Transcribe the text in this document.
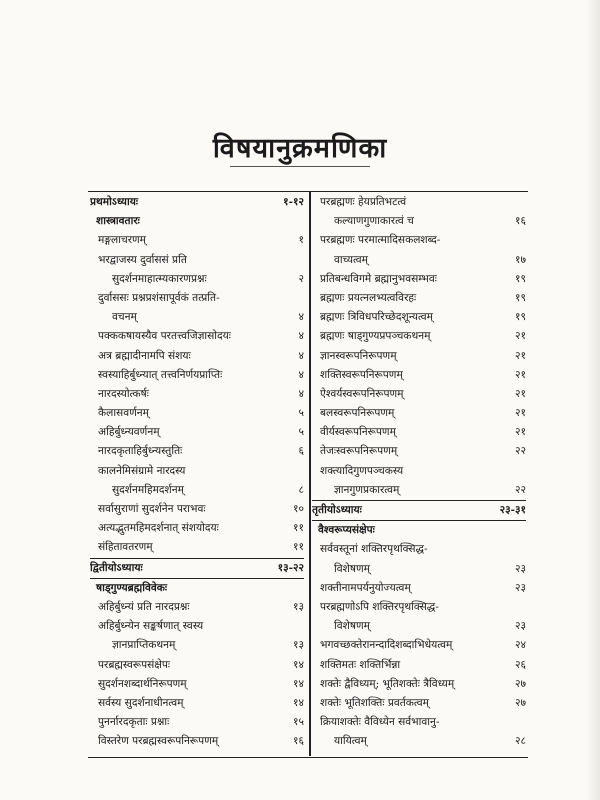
विषयानुक्रमणिका
प्रथमोऽध्यायः	१-१२
शास्त्रावतारः
मङ्गलाचरणम्	१
भरद्वाजस्य दुर्वाससं प्रति
सुदर्शनमाहात्म्यकारणप्रश्नः	२
दुर्वाससः प्रश्नप्रशंसापूर्वकं तत्प्रति-
वचनम्	४
पक्ककषायस्यैव परतत्त्वजिज्ञासोदयः	४
अत्र ब्रह्मादीनामपि संशयः	४
स्वस्याहिर्बुध्न्यात् तत्त्वनिर्णयप्राप्तिः	४
नारदस्योत्कर्षः	४
कैलासवर्णनम्	५
अहिर्बुध्न्यवर्णनम्	५
नारदकृताहिर्बुध्न्यस्तुतिः	६
कालनेमिसंग्रामे नारदस्य
सुदर्शनमहिमदर्शनम्	८
सर्वासुराणां सुदर्शनेन पराभवः	१०
अत्यद्भुतमहिमदर्शनात् संशयोदयः	११
संहितावतरणम्	११
द्वितीयोऽध्यायः	१३-२२
षाड्गुण्यब्रह्मविवेकः
अहिर्बुध्न्यं प्रति नारदप्रश्नः	१३
अहिर्बुध्न्येन सङ्कर्षणात् स्वस्य
ज्ञानप्राप्तिकथनम्	१३
परब्रह्मस्वरूपसंक्षेपः	१४
सुदर्शनशब्दार्थनिरूपणम्	१४
सर्वस्य सुदर्शनाधीनत्वम्	१४
पुनर्नारदकृताः प्रश्नाः	१५
विस्तरेण परब्रह्मस्वरूपनिरूपणम्	१६
परब्रह्मणः हेयप्रतिभटत्वं
कल्याणगुणाकारत्वं च	१६
परब्रह्मणः परमात्मादिसकलशब्द-
वाच्यत्वम्	१७
प्रतिबन्धविगमे ब्रह्मानुभवसम्भवः	१९
ब्रह्मणः प्रयत्नलभ्यत्वविरहः	१९
ब्रह्मणः त्रिविधपरिच्छेदशून्यत्वम्	१९
ब्रह्मणः षाड्गुण्यप्रपञ्चकथनम्	२१
ज्ञानस्वरूपनिरूपणम्	२१
शक्तिस्वरूपनिरूपणम्	२१
ऐश्वर्यस्वरूपनिरूपणम्	२१
बलस्वरूपनिरूपणम्	२१
वीर्यस्वरूपनिरूपणम्	२१
तेजःस्वरूपनिरूपणम्	२२
शक्त्यादिगुणपञ्चकस्य
ज्ञानगुणप्रकारत्वम्	२२
तृतीयोऽध्यायः	२३-३१
वैश्वरूप्यसंक्षेपः
सर्ववस्तूनां शक्तिरपृथक्सिद्ध-
विशेषणम्	२३
शक्तीनामपर्यनुयोज्यत्वम्	२३
परब्रह्मणोऽपि शक्तिरपृथक्सिद्ध-
विशेषणम्	२३
भगवच्छक्तेरानन्दादिशब्दाभिधेयत्वम्	२४
शक्तिमतः शक्तिर्भिन्ना	२६
शक्तेः द्वैविध्यम्; भूतिशक्तेः त्रैविध्यम्	२७
शक्तेः भूतिशक्तिः प्रवर्तकत्वम्	२७
क्रियाशक्तेः वैविध्येन सर्वभावानु-
यायित्वम्	२८
